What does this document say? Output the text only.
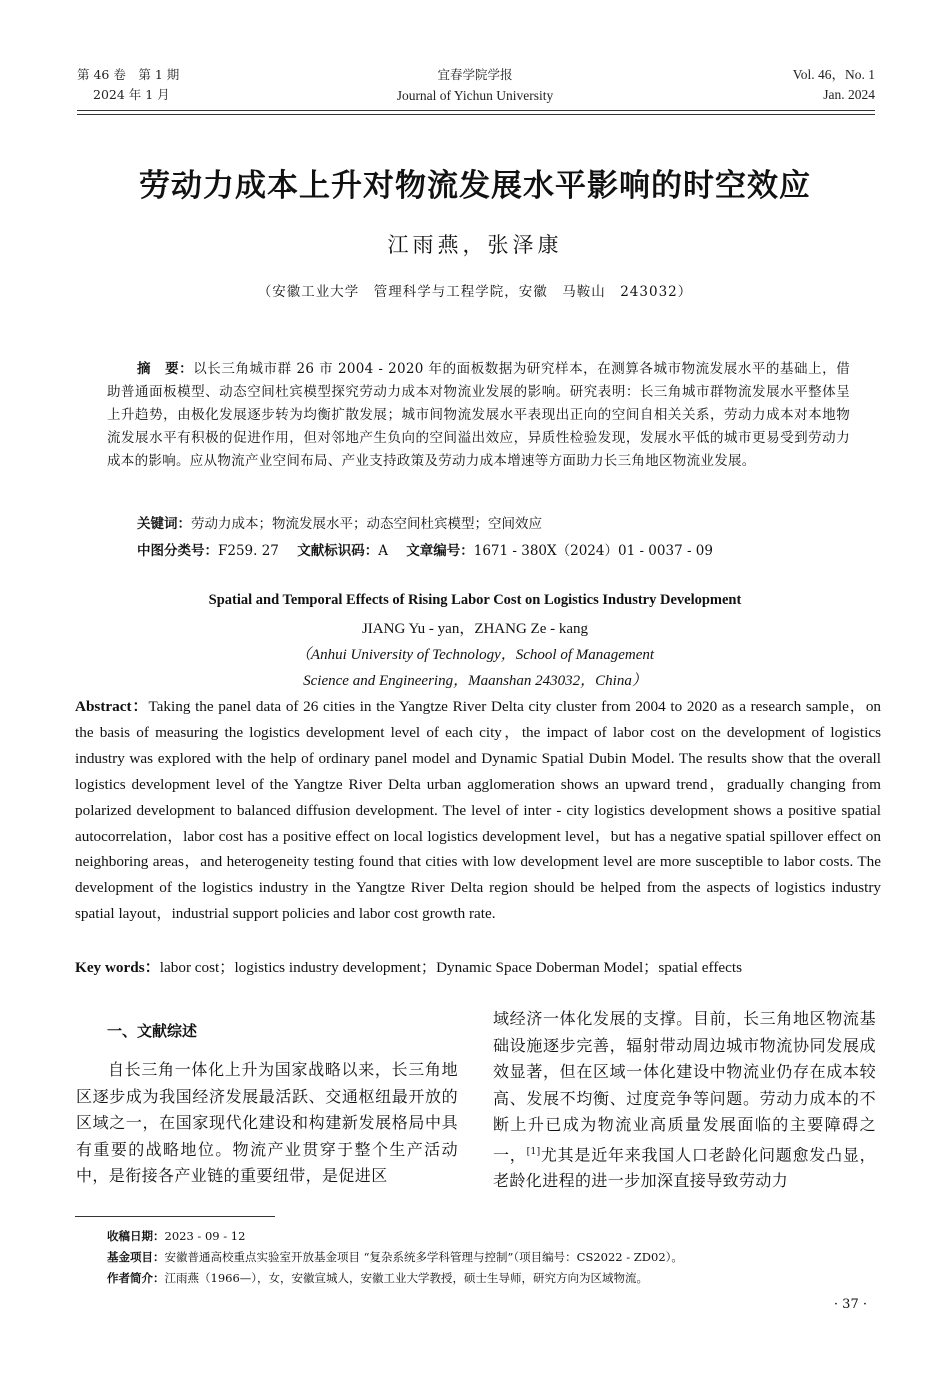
第 46 卷　第 1 期
2024 年 1 月
宜春学院学报
Journal of Yichun University
Vol. 46，No. 1
Jan. 2024
劳动力成本上升对物流发展水平影响的时空效应
江雨燕，张泽康
（安徽工业大学　管理科学与工程学院，安徽　马鞍山　243032）
摘　要：以长三角城市群 26 市 2004 - 2020 年的面板数据为研究样本，在测算各城市物流发展水平的基础上，借助普通面板模型、动态空间杜宾模型探究劳动力成本对物流业发展的影响。研究表明：长三角城市群物流发展水平整体呈上升趋势，由极化发展逐步转为均衡扩散发展；城市间物流发展水平表现出正向的空间自相关关系，劳动力成本对本地物流发展水平有积极的促进作用，但对邻地产生负向的空间溢出效应，异质性检验发现，发展水平低的城市更易受到劳动力成本的影响。应从物流产业空间布局、产业支持政策及劳动力成本增速等方面助力长三角地区物流业发展。
关键词：劳动力成本；物流发展水平；动态空间杜宾模型；空间效应
中图分类号：F259. 27 文献标识码：A 文章编号：1671 - 380X（2024）01 - 0037 - 09
Spatial and Temporal Effects of Rising Labor Cost on Logistics Industry Development
JIANG Yu - yan，ZHANG Ze - kang
（Anhui University of Technology，School of Management
Science and Engineering，Maanshan 243032，China）
Abstract：Taking the panel data of 26 cities in the Yangtze River Delta city cluster from 2004 to 2020 as a research sample，on the basis of measuring the logistics development level of each city，the impact of labor cost on the development of logistics industry was explored with the help of ordinary panel model and Dynamic Spatial Dubin Model. The results show that the overall logistics development level of the Yangtze River Delta urban agglomeration shows an upward trend，gradually changing from polarized development to balanced diffusion development. The level of inter - city logistics development shows a positive spatial autocorrelation，labor cost has a positive effect on local logistics development level，but has a negative spatial spillover effect on neighboring areas，and heterogeneity testing found that cities with low development level are more susceptible to labor costs. The development of the logistics industry in the Yangtze River Delta region should be helped from the aspects of logistics industry spatial layout，industrial support policies and labor cost growth rate.
Key words：labor cost；logistics industry development；Dynamic Space Doberman Model；spatial effects
一、文献综述
自长三角一体化上升为国家战略以来，长三角地区逐步成为我国经济发展最活跃、交通枢纽最开放的区域之一，在国家现代化建设和构建新发展格局中具有重要的战略地位。物流产业贯穿于整个生产活动中，是衔接各产业链的重要纽带，是促进区
域经济一体化发展的支撑。目前，长三角地区物流基础设施逐步完善，辐射带动周边城市物流协同发展成效显著，但在区域一体化建设中物流业仍存在成本较高、发展不均衡、过度竞争等问题。劳动力成本的不断上升已成为物流业高质量发展面临的主要障碍之一，[1]尤其是近年来我国人口老龄化问题愈发凸显，老龄化进程的进一步加深直接导致劳动力
收稿日期：2023 - 09 - 12
基金项目：安徽普通高校重点实验室开放基金项目 “复杂系统多学科管理与控制”（项目编号：CS2022 - ZD02）。
作者简介：江雨燕（1966—），女，安徽宣城人，安徽工业大学教授，硕士生导师，研究方向为区域物流。
· 37 ·
